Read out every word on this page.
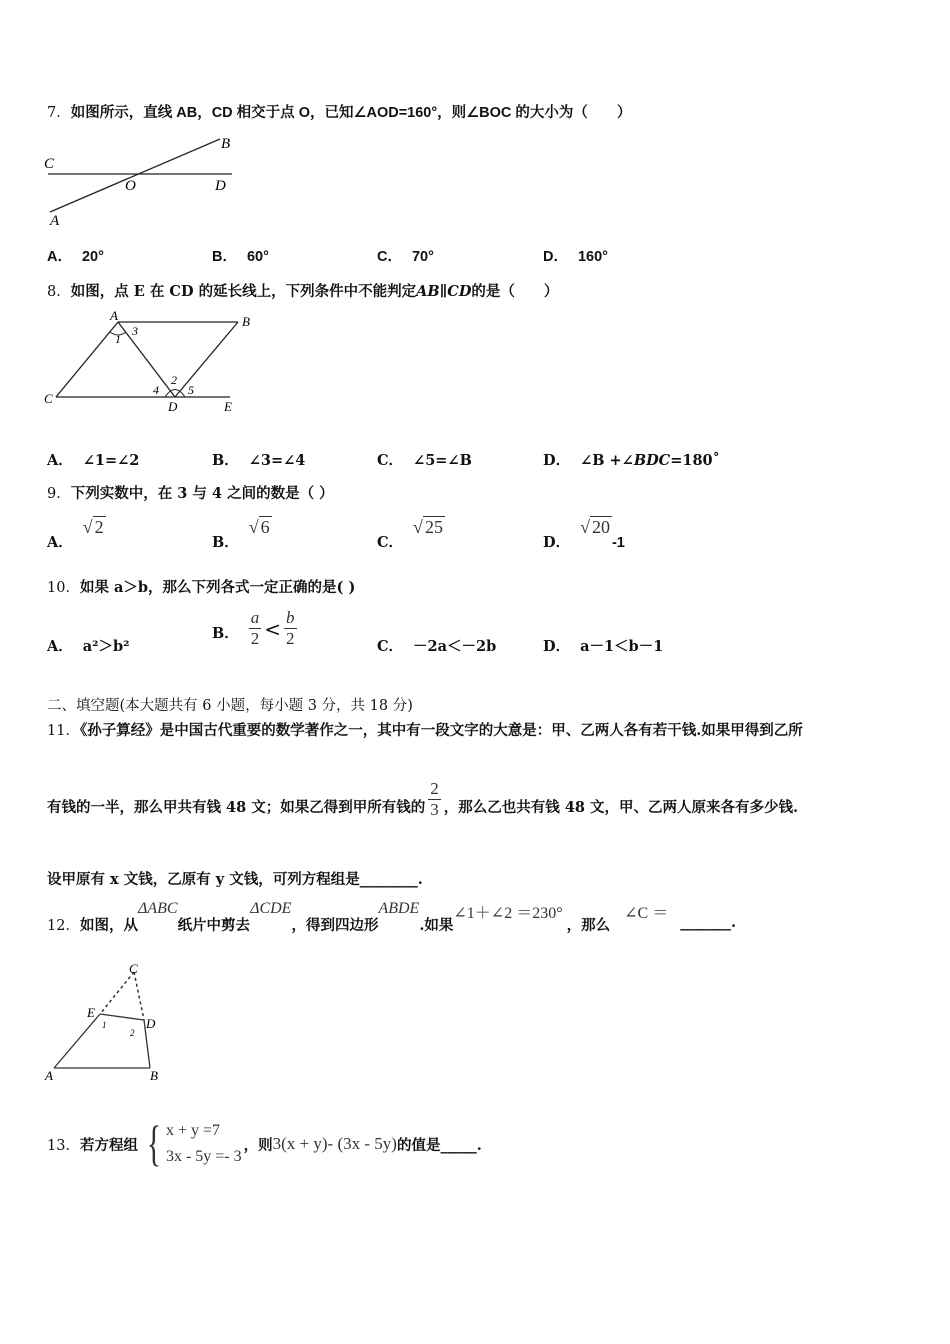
7．如图所示，直线 AB，CD 相交于点 O，已知∠AOD=160°，则∠BOC 的大小为（　　）
C
B
O	D
A
A． 20°	B． 60°	C． 70°	D． 160°
8．如图，点 E 在 CD 的延长线上，下列条件中不能判定AB∥CD的是（　　）
A	B
C
D	E
1
3
2
4 5
A． ∠1=∠2	B． ∠3=∠4	C． ∠5=∠B	D． ∠B +∠BDC=180˚
9．下列实数中，在 3 与 4 之间的数是（ ）
A．√ 2
B．√ 6
C．√ 25
D．√ 20-1
10．如果 a＞b，那么下列各式一定正确的是( )
A． a²＞b²
B． $\frac{a}{2} < \frac{b}{2}$	C． －2a＜－2b	D． a－1＜b－1
二、填空题(本大题共有 6 小题，每小题 3 分，共 18 分)
11．《孙子算经》是中国古代重要的数学著作之一，其中有一段文字的大意是：甲、乙两人各有若干钱.如果甲得到乙所
有钱的一半，那么甲共有钱 48 文；如果乙得到甲所有钱的 $\frac{2}{3}$ ，那么乙也共有钱 48 文，甲、乙两人原来各有多少钱.
设甲原有 x 文钱，乙原有 y 文钱，可列方程组是________.
12． 如图，从
ΔABC
纸片中剪去
ΔCDE
，得到四边形
ABDE
.如果
∠1＋∠2 ＝230°
，那么
∠C ＝
_______.
C
E
D
A	B
1
2
13． 若方程组 { x + y =7
3x - 5y =- 3
，则 3(x + y)- (3x - 5y) 的值是_____.
